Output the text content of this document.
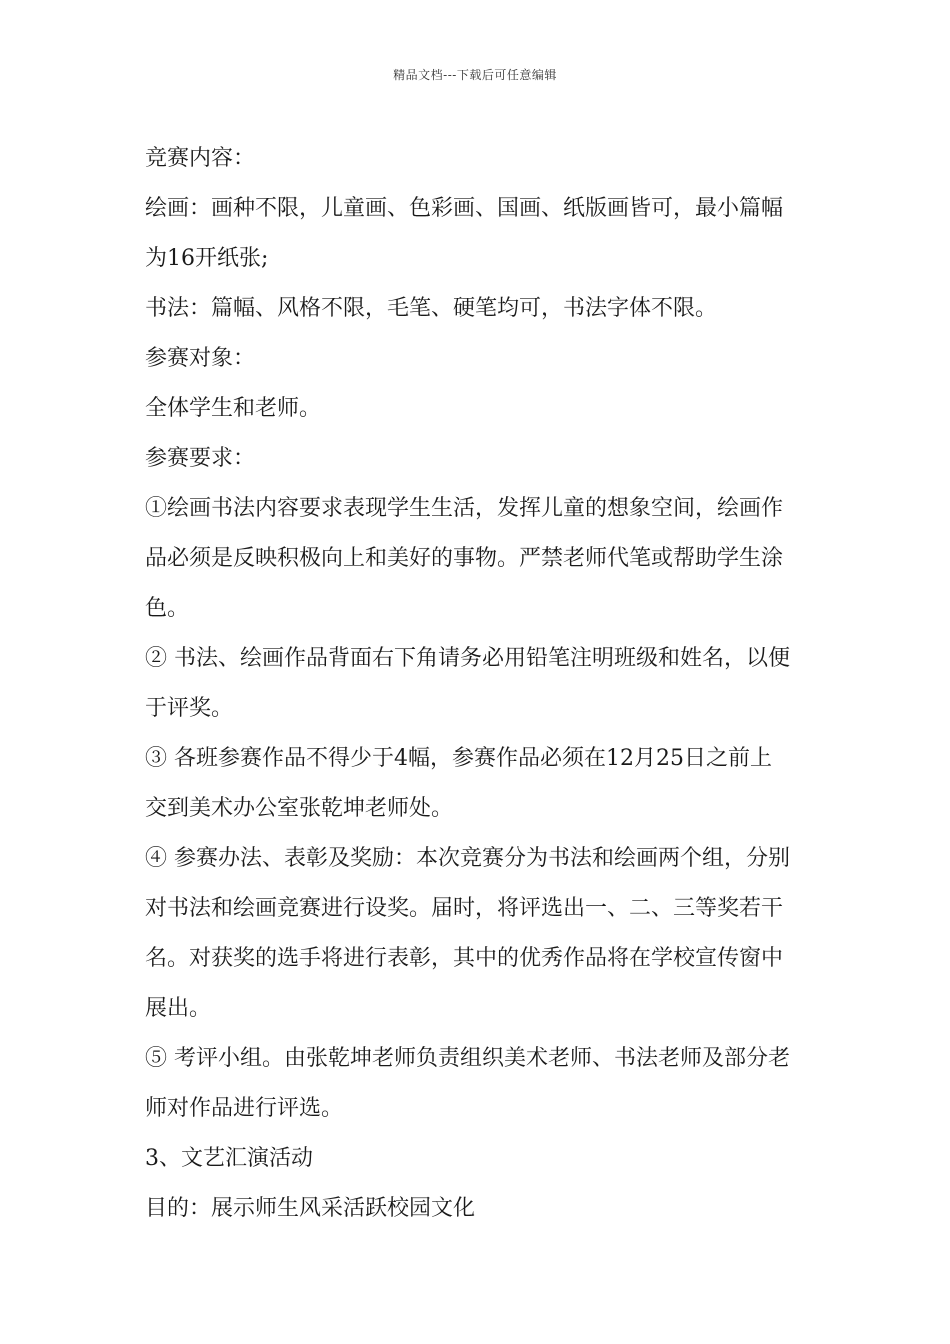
精品文档---下载后可任意编辑
竞赛内容：
绘画：画种不限，儿童画、色彩画、国画、纸版画皆可，最小篇幅
为16开纸张;
书法：篇幅、风格不限，毛笔、硬笔均可，书法字体不限。
参赛对象：
全体学生和老师。
参赛要求：
①绘画书法内容要求表现学生生活，发挥儿童的想象空间，绘画作
品必须是反映积极向上和美好的事物。严禁老师代笔或帮助学生涂
色。
② 书法、绘画作品背面右下角请务必用铅笔注明班级和姓名，以便
于评奖。
③ 各班参赛作品不得少于4幅，参赛作品必须在12月25日之前上
交到美术办公室张乾坤老师处。
④ 参赛办法、表彰及奖励：本次竞赛分为书法和绘画两个组，分别
对书法和绘画竞赛进行设奖。届时，将评选出一、二、三等奖若干
名。对获奖的选手将进行表彰，其中的优秀作品将在学校宣传窗中
展出。
⑤ 考评小组。由张乾坤老师负责组织美术老师、书法老师及部分老
师对作品进行评选。
3、文艺汇演活动
目的：展示师生风采活跃校园文化
